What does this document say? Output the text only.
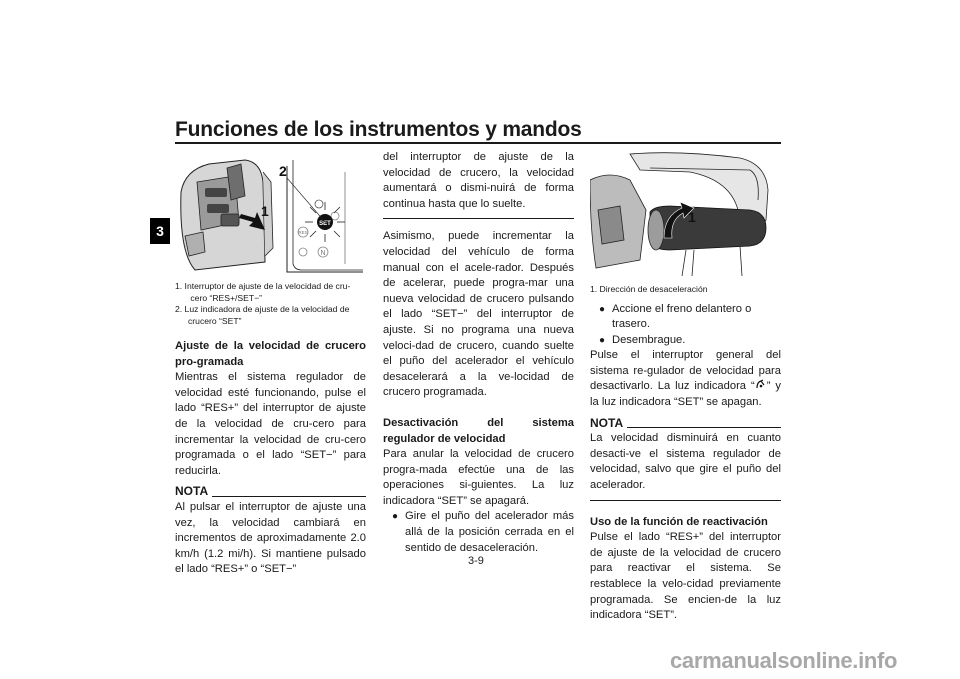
Funciones de los instrumentos y mandos
3	SET
RES
N
1
2
1. Interruptor de ajuste de la velocidad de cru- cero “RES+/SET−”
2. Luz indicadora de ajuste de la velocidad de crucero “SET”

Ajuste de la velocidad de crucero pro-gramada

Mientras el sistema regulador de velocidad esté funcionando, pulse el lado “RES+” del interruptor de ajuste de la velocidad de cru-cero para incrementar la velocidad de cru-cero programada o el lado “SET−” para reducirla.

NOTA

Al pulsar el interruptor de ajuste una vez, la velocidad cambiará en incrementos de aproximadamente 2.0 km/h (1.2 mi/h). Si mantiene pulsado el lado “RES+” o “SET−”

del interruptor de ajuste de la velocidad de crucero, la velocidad aumentará o dismi-nuirá de forma continua hasta que lo suelte.

Asimismo, puede incrementar la velocidad del vehículo de forma manual con el acele-rador. Después de acelerar, puede progra-mar una nueva velocidad de crucero pulsando el lado “SET−” del interruptor de ajuste. Si no programa una nueva veloci-dad de crucero, cuando suelte el puño del acelerador el vehículo desacelerará a la ve-locidad de crucero programada.

Desactivación del sistema regulador de velocidad

Para anular la velocidad de crucero progra-mada efectúe una de las operaciones si-guientes. La luz indicadora “SET” se apagará.

● Gire el puño del acelerador más allá de la posición cerrada en el sentido de desaceleración.

1
1. Dirección de desaceleración

● Accione el freno delantero o trasero.

● Desembrague.

Pulse el interruptor general del sistema re-gulador de velocidad para desactivarlo. La luz indicadora “ ” y la luz indicadora “SET” se apagan.

NOTA

La velocidad disminuirá en cuanto desacti-ve el sistema regulador de velocidad, salvo que gire el puño del acelerador.

Uso de la función de reactivación

Pulse el lado “RES+” del interruptor de ajuste de la velocidad de crucero para reactivar el sistema. Se restablece la velo-cidad previamente programada. Se encien-de la luz indicadora “SET”.

3-9
carmanualsonline.info
